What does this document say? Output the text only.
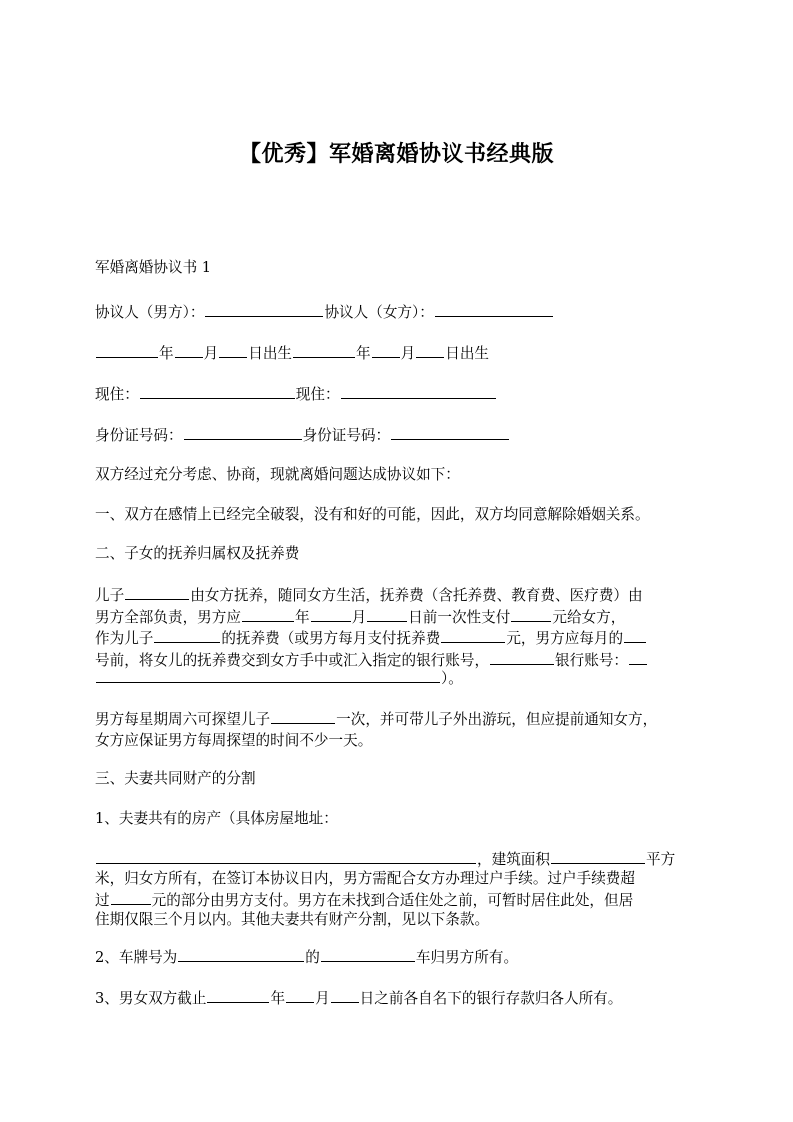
【优秀】军婚离婚协议书经典版
军婚离婚协议书 1
协议人（男方）：	协议人（女方）：
年 月 日出生	年 月 日出生
现住：	现住：
身份证号码：	身份证号码：
双方经过充分考虑、协商，现就离婚问题达成协议如下：
一、双方在感情上已经完全破裂，没有和好的可能，因此，双方均同意解除婚姻关系。
二、子女的抚养归属权及抚养费
儿子	由女方抚养，随同女方生活，抚养费（含托养费、教育费、医疗费）由
男方全部负责，男方应	年	月	日前一次性支付	元给女方，
作为儿子	的抚养费（或男方每月支付抚养费	元，男方应每月的
号前，将女儿的抚养费交到女方手中或汇入指定的银行账号，	银行账号：
）。
男方每星期周六可探望儿子	一次，并可带儿子外出游玩，但应提前通知女方，
女方应保证男方每周探望的时间不少一天。
三、夫妻共同财产的分割
1、夫妻共有的房产（具体房屋地址：
，建筑面积	平方
米，归女方所有，在签订本协议日内，男方需配合女方办理过户手续。过户手续费超
过	元的部分由男方支付。男方在未找到合适住处之前，可暂时居住此处，但居
住期仅限三个月以内。其他夫妻共有财产分割，见以下条款。
2、车牌号为	的	车归男方所有。
3、男女双方截止	年 月 日之前各自名下的银行存款归各人所有。
